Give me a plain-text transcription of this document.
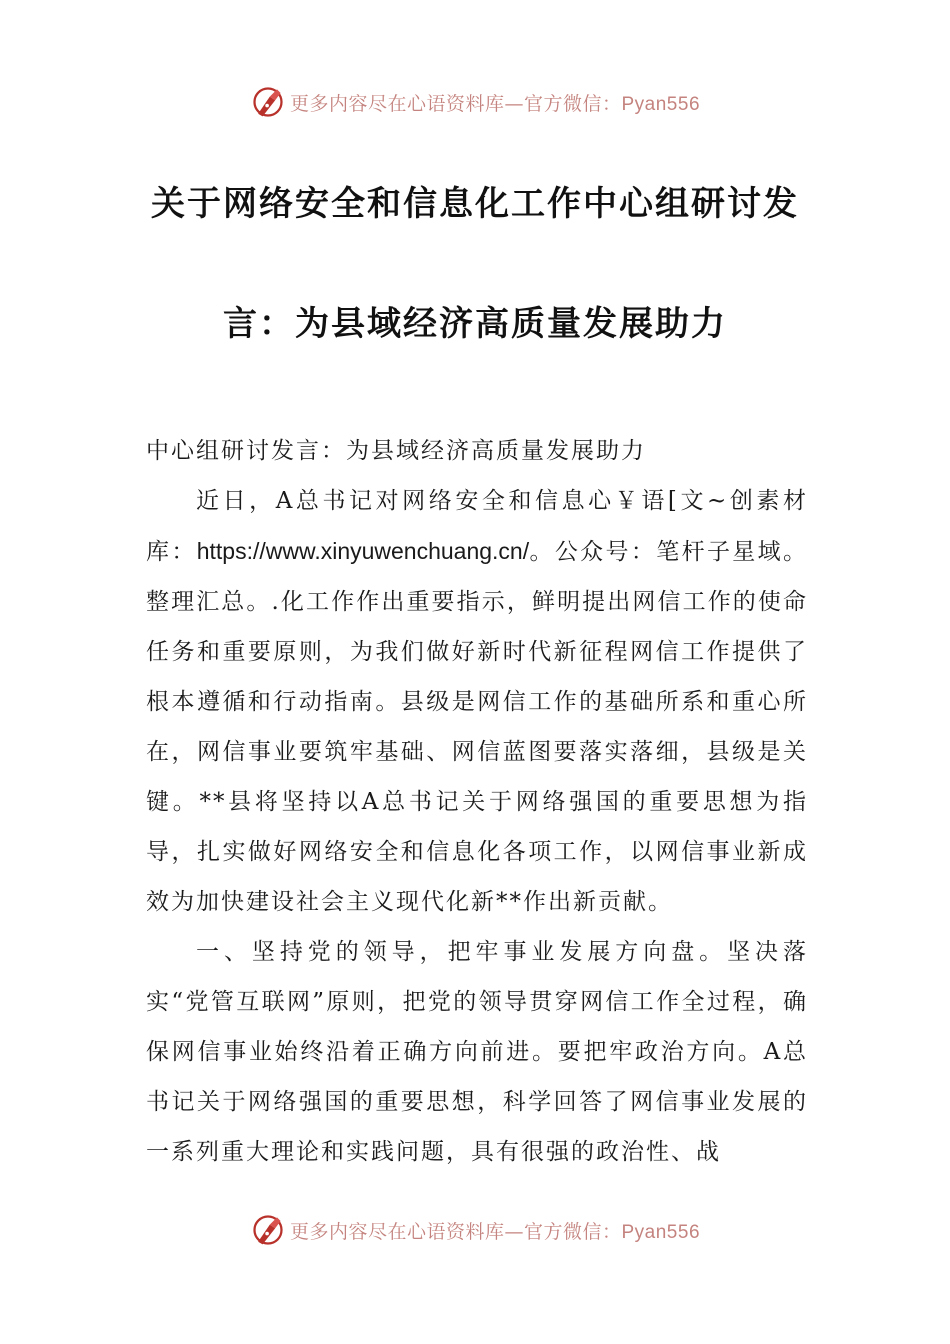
更多内容尽在心语资料库—官方微信：Pyan556
关于网络安全和信息化工作中心组研讨发
言：为县域经济高质量发展助力

中心组研讨发言：为县域经济高质量发展助力

近日，A总书记对网络安全和信息心￥语[文~创素材库：https://www.xinyuwenchuang.cn/。公众号：笔杆子星域。整理汇总。.化工作作出重要指示，鲜明提出网信工作的使命任务和重要原则，为我们做好新时代新征程网信工作提供了根本遵循和行动指南。县级是网信工作的基础所系和重心所在，网信事业要筑牢基础、网信蓝图要落实落细，县级是关键。**县将坚持以A总书记关于网络强国的重要思想为指导，扎实做好网络安全和信息化各项工作，以网信事业新成效为加快建设社会主义现代化新**作出新贡献。

一、坚持党的领导，把牢事业发展方向盘。坚决落实“党管互联网”原则，把党的领导贯穿网信工作全过程，确保网信事业始终沿着正确方向前进。要把牢政治方向。A总书记关于网络强国的重要思想，科学回答了网信事业发展的一系列重大理论和实践问题，具有很强的政治性、战

更多内容尽在心语资料库—官方微信：Pyan556
